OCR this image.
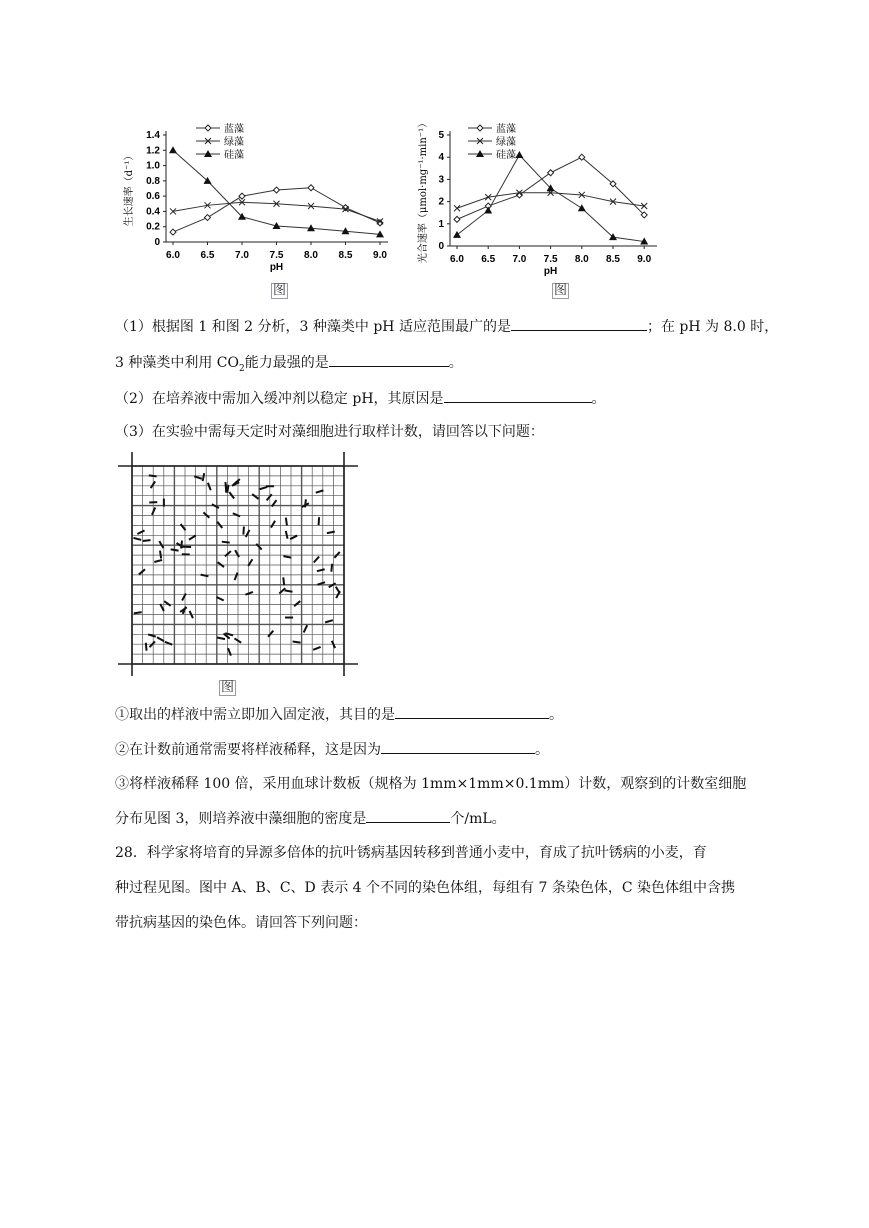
0
0.2
0.4
0.6
0.8
1.0
1.2
1.4
6.0 6.5 7.0 7.5 8.0 8.5 9.0
pH
生长速率（d⁻¹）
蓝藻
绿藻
硅藻
图
0
1
2
3
4
5
6.0 6.5 7.0 7.5 8.0 8.5 9.0
pH
光合速率（μmol·mg⁻¹·min⁻¹）	蓝藻
绿藻
硅藻
图
（1）根据图 1 和图 2 分析，3 种藻类中 pH 适应范围最广的是	；在 pH 为 8.0 时，
3 种藻类中利用 $CO_2$能力最强的是	。
（2）在培养液中需加入缓冲剂以稳定 pH，其原因是	。
（3）在实验中需每天定时对藻细胞进行取样计数，请回答以下问题：
图
①取出的样液中需立即加入固定液，其目的是	。
②在计数前通常需要将样液稀释，这是因为	。
③将样液稀释 100 倍，采用血球计数板（规格为 1mm×1mm×0.1mm）计数，观察到的计数室细胞
分布见图 3，则培养液中藻细胞的密度是	个/mL。
28．科学家将培育的异源多倍体的抗叶锈病基因转移到普通小麦中，育成了抗叶锈病的小麦，育
种过程见图。图中 A、B、C、D 表示 4 个不同的染色体组，每组有 7 条染色体，C 染色体组中含携
带抗病基因的染色体。请回答下列问题：
